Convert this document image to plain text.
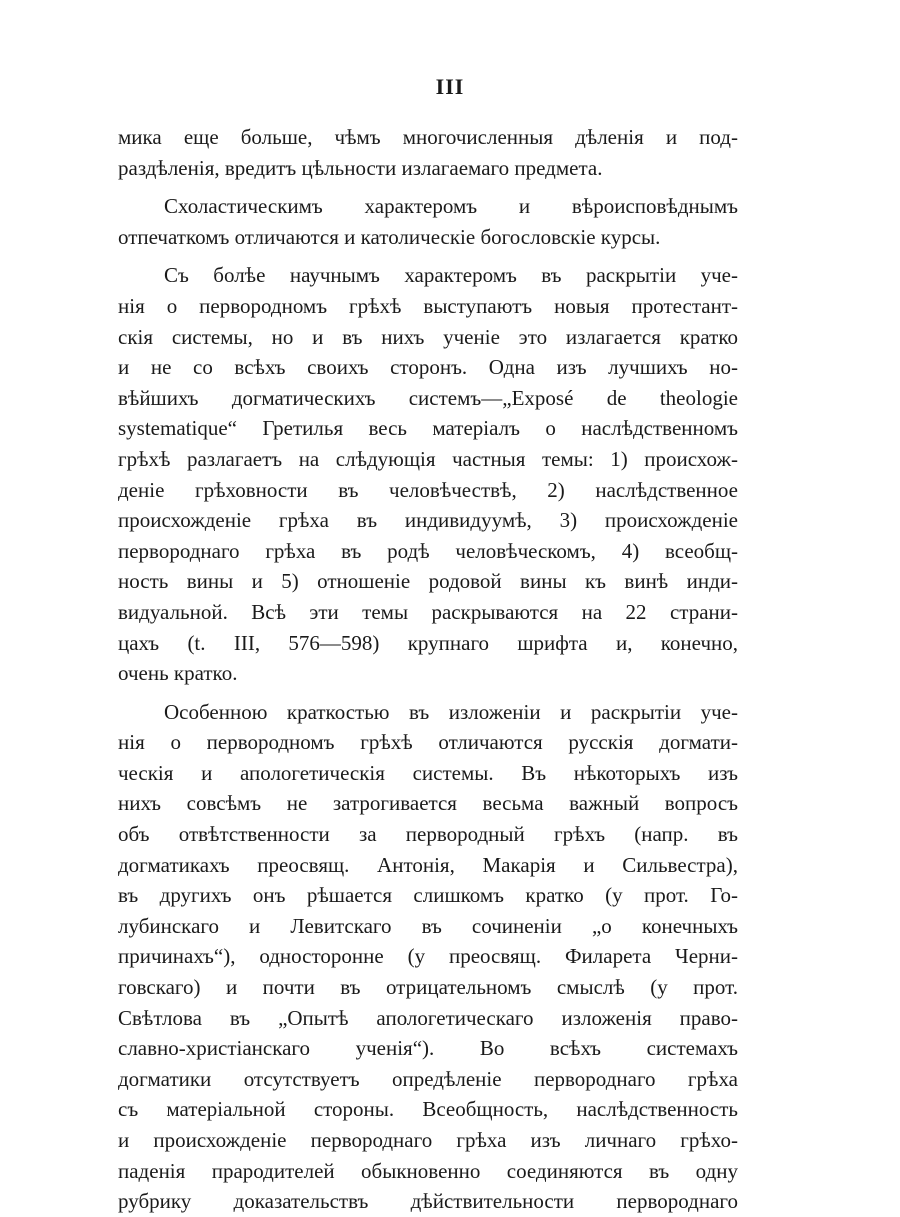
III
мика еще больше, чѣмъ многочисленныя дѣленія и под-
раздѣленія, вредитъ цѣльности излагаемаго предмета.
Схоластическимъ характеромъ и вѣроисповѣднымъ
отпечаткомъ отличаются и католическіе богословскіе курсы.
Съ болѣе научнымъ характеромъ въ раскрытіи уче-
нія о первородномъ грѣхѣ выступаютъ новыя протестант-
скія системы, но и въ нихъ ученіе это излагается кратко
и не со всѣхъ своихъ сторонъ. Одна изъ лучшихъ но-
вѣйшихъ догматическихъ системъ—„Exposé de theologie
systematique“ Гретилья весь матеріалъ о наслѣдственномъ
грѣхѣ разлагаетъ на слѣдующія частныя темы: 1) происхож-
деніе грѣховности въ человѣчествѣ, 2) наслѣдственное
происхожденіе грѣха въ индивидуумѣ, 3) происхожденіе
первороднаго грѣха въ родѣ человѣческомъ, 4) всеобщ-
ность вины и 5) отношеніе родовой вины къ винѣ инди-
видуальной. Всѣ эти темы раскрываются на 22 страни-
цахъ (t. III, 576—598) крупнаго шрифта и, конечно,
очень кратко.
Особенною краткостью въ изложеніи и раскрытіи уче-
нія о первородномъ грѣхѣ отличаются русскія догмати-
ческія и апологетическія системы. Въ нѣкоторыхъ изъ
нихъ совсѣмъ не затрогивается весьма важный вопросъ
объ отвѣтственности за первородный грѣхъ (напр. въ
догматикахъ преосвящ. Антонія, Макарія и Сильвестра),
въ другихъ онъ рѣшается слишкомъ кратко (у прот. Го-
лубинскаго и Левитскаго въ сочиненіи „о конечныхъ
причинахъ“), односторонне (у преосвящ. Филарета Черни-
говскаго) и почти въ отрицательномъ смыслѣ (у прот.
Свѣтлова въ „Опытѣ апологетическаго изложенія право-
славно-христіанскаго ученія“). Во всѣхъ системахъ
догматики отсутствуетъ опредѣленіе первороднаго грѣха
съ матеріальной стороны. Всеобщность, наслѣдственность
и происхожденіе первороднаго грѣха изъ личнаго грѣхо-
паденія прародителей обыкновенно соединяются въ одну
рубрику доказательствъ дѣйствительности первороднаго
